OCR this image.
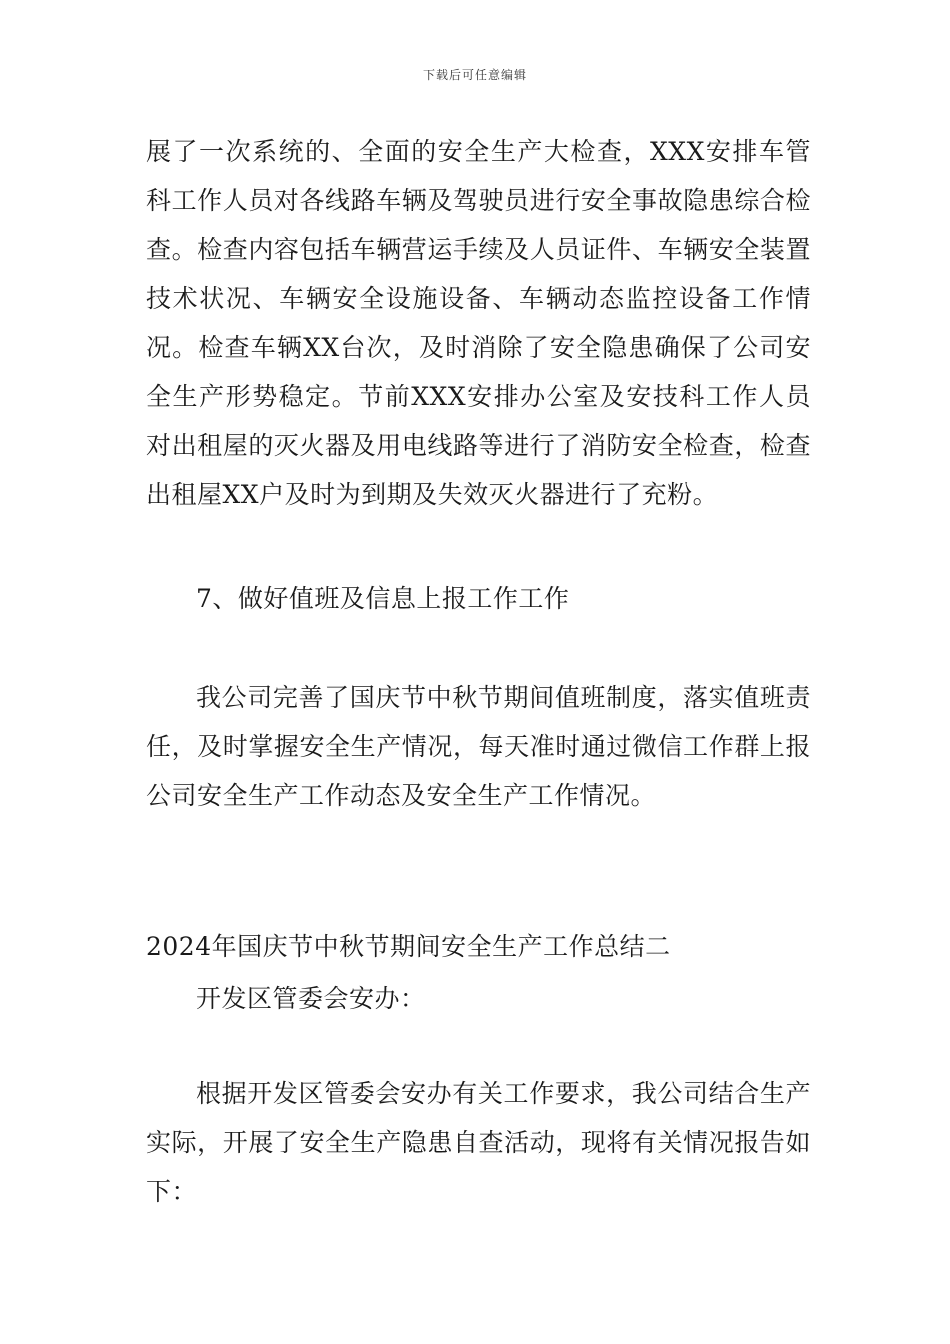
下载后可任意编辑

展了一次系统的、全面的安全生产大检查，XXX安排车管科工作人员对各线路车辆及驾驶员进行安全事故隐患综合检查。检查内容包括车辆营运手续及人员证件、车辆安全装置技术状况、车辆安全设施设备、车辆动态监控设备工作情况。检查车辆XX台次，及时消除了安全隐患确保了公司安全生产形势稳定。节前XXX安排办公室及安技科工作人员对出租屋的灭火器及用电线路等进行了消防安全检查，检查出租屋XX户及时为到期及失效灭火器进行了充粉。

7、做好值班及信息上报工作工作

我公司完善了国庆节中秋节期间值班制度，落实值班责任，及时掌握安全生产情况，每天准时通过微信工作群上报公司安全生产工作动态及安全生产工作情况。

2024年国庆节中秋节期间安全生产工作总结二

开发区管委会安办：

根据开发区管委会安办有关工作要求，我公司结合生产实际，开展了安全生产隐患自查活动，现将有关情况报告如下：
